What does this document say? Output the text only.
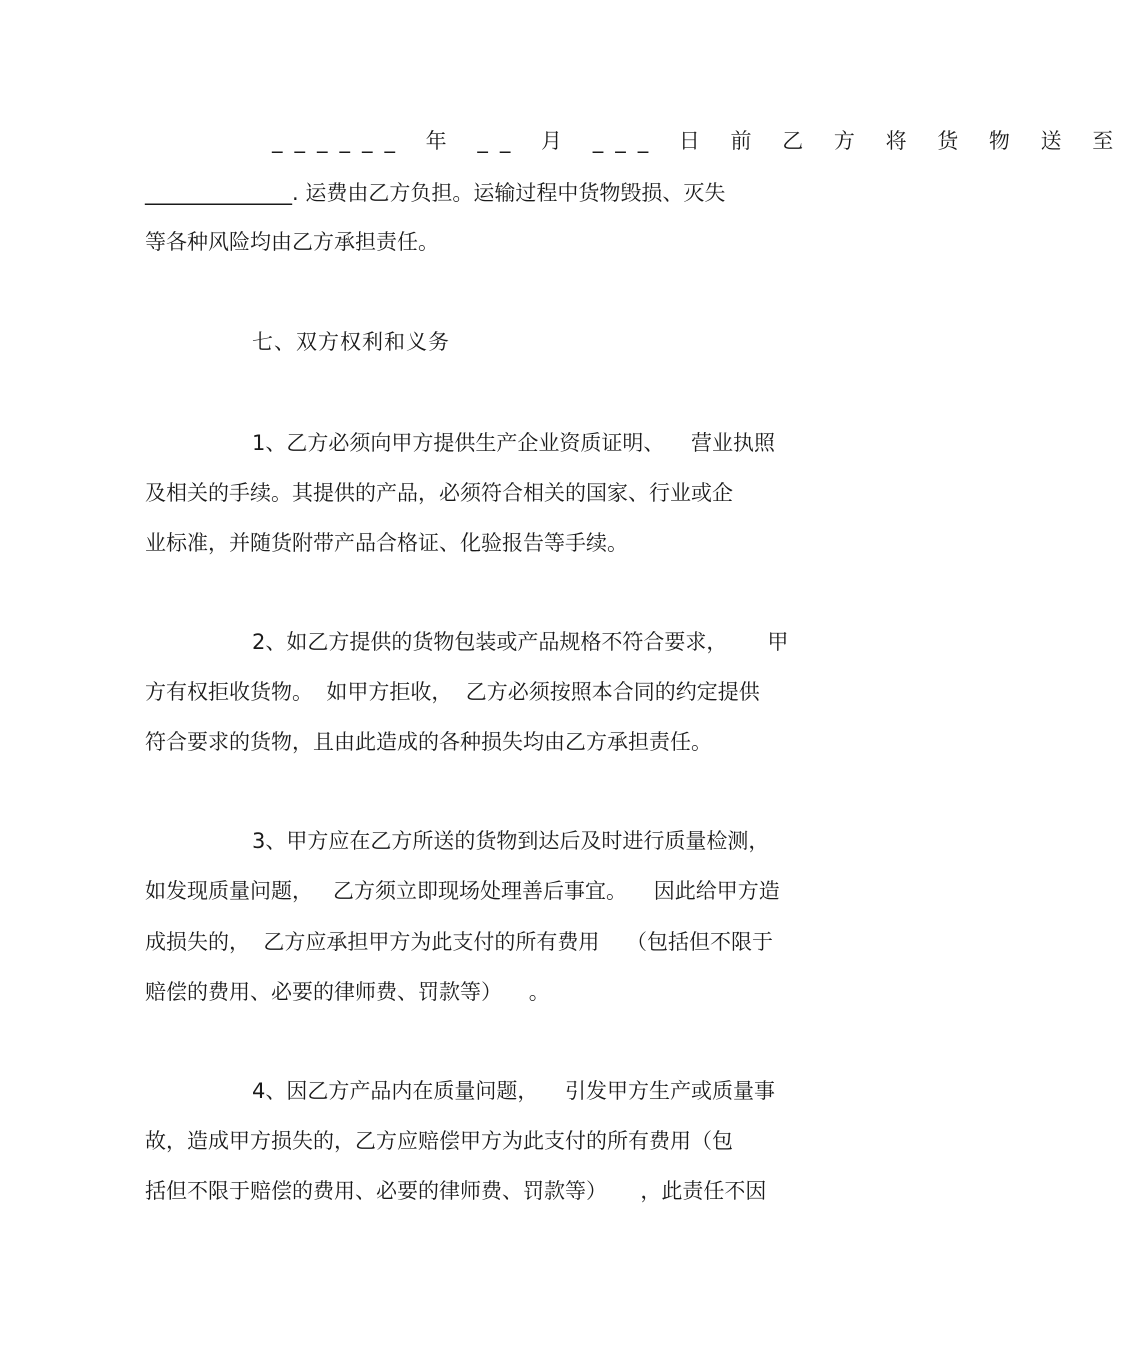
______ 年 __ 月 ___ 日 前 乙 方 将 货 物 送 至

______________. 运费由乙方负担。运输过程中货物毁损、灭失

等各种风险均由乙方承担责任。

七、双方权利和义务

1、乙方必须向甲方提供生产企业资质证明、    营业执照

及相关的手续。其提供的产品，必须符合相关的国家、行业或企

业标准，并随货附带产品合格证、化验报告等手续。

2、如乙方提供的货物包装或产品规格不符合要求，      甲

方有权拒收货物。  如甲方拒收，  乙方必须按照本合同的约定提供

符合要求的货物，且由此造成的各种损失均由乙方承担责任。

3、甲方应在乙方所送的货物到达后及时进行质量检测，

如发现质量问题，   乙方须立即现场处理善后事宜。    因此给甲方造

成损失的，  乙方应承担甲方为此支付的所有费用    （包括但不限于

赔偿的费用、必要的律师费、罚款等）    。

4、因乙方产品内在质量问题，    引发甲方生产或质量事

故，造成甲方损失的，乙方应赔偿甲方为此支付的所有费用（包

括但不限于赔偿的费用、必要的律师费、罚款等）     ，此责任不因
